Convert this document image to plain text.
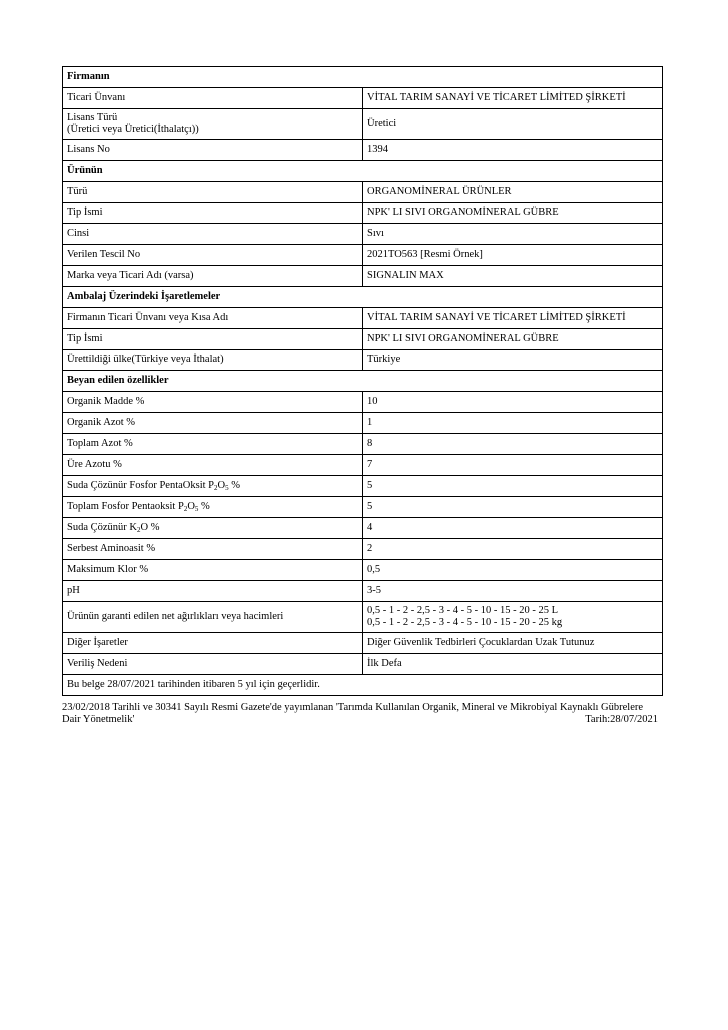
Firmanın	
Ticari Ünvanı	VİTAL TARIM SANAYİ VE TİCARET LİMİTED ŞİRKETİ

Lisans Türü
(Üretici veya Üretici(İthalatçı))	Üretici
Lisans No	1394
Ürünün	
Türü	ORGANOMİNERAL ÜRÜNLER
Tip İsmi	NPK' LI SIVI ORGANOMİNERAL GÜBRE
Cinsi	Sıvı
Verilen Tescil No	2021TO563 [Resmi Örnek]
Marka veya Ticari Adı (varsa)	SIGNALIN MAX
Ambalaj Üzerindeki İşaretlemeler	
Firmanın Ticari Ünvanı veya Kısa Adı	VİTAL TARIM SANAYİ VE TİCARET LİMİTED ŞİRKETİ
Tip İsmi	NPK' LI SIVI ORGANOMİNERAL GÜBRE
Ürettildiği ülke(Türkiye veya İthalat)	Türkiye
Beyan edilen özellikler	
Organik Madde %	10
Organik Azot %	1
Toplam Azot %	8
Üre Azotu %	7
Suda Çözünür Fosfor PentaOksit $P_2O_5$ %	5
Toplam Fosfor Pentaoksit $P_2O_5$ %	5
Suda Çözünür $K_2O$ %	4
Serbest Aminoasit %	2
Maksimum Klor %	0,5
pH	3-5
Ürünün garanti edilen net ağırlıkları veya hacimleri	0,5 - 1 - 2 - 2,5 - 3 - 4 - 5 - 10 - 15 - 20 - 25 L
0,5 - 1 - 2 - 2,5 - 3 - 4 - 5 - 10 - 15 - 20 - 25 kg

Diğer İşaretler	Diğer Güvenlik Tedbirleri Çocuklardan Uzak Tutunuz
Veriliş Nedeni	İlk Defa
Bu belge 28/07/2021 tarihinden itibaren 5 yıl için geçerlidir.	
23/02/2018 Tarihli ve 30341 Sayılı Resmi Gazete'de yayımlanan 'Tarımda Kullanılan Organik, Mineral ve Mikrobiyal Kaynaklı Gübrelere Dair Yönetmelik'	Tarih:28/07/2021
